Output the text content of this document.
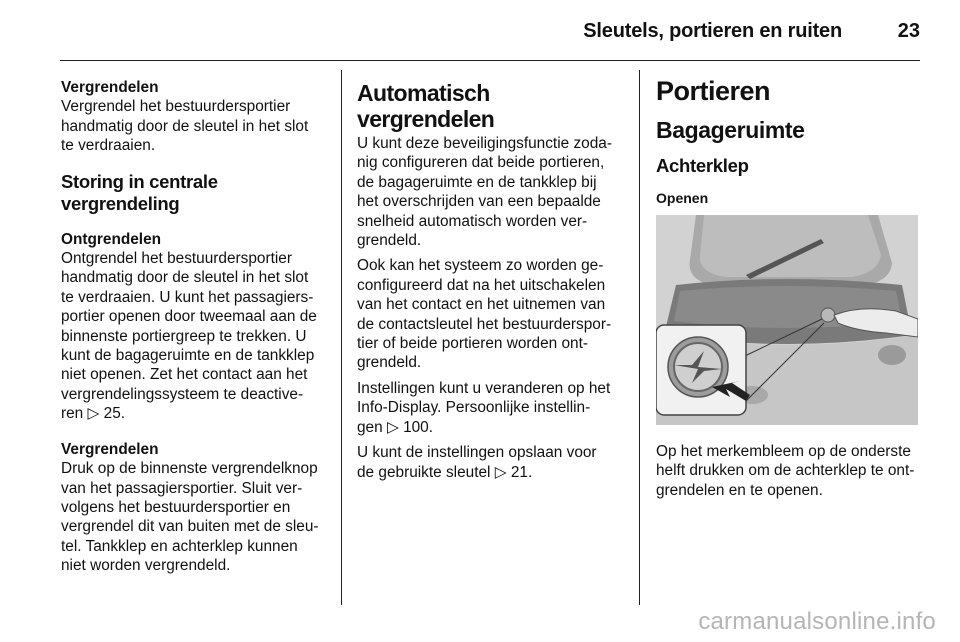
Sleutels, portieren en ruiten	23

Vergrendelen

Vergrendel het bestuurdersportier

handmatig door de sleutel in het slot

te verdraaien.

Storing in centrale

vergrendeling

Ontgrendelen

Ontgrendel het bestuurdersportier

handmatig door de sleutel in het slot

te verdraaien. U kunt het passagiers-

portier openen door tweemaal aan de

binnenste portiergreep te trekken. U

kunt de bagageruimte en de tankklep

niet openen. Zet het contact aan het

vergrendelingssysteem te deactive-

ren ▷ 25.

Vergrendelen

Druk op de binnenste vergrendelknop

van het passagiersportier. Sluit ver-

volgens het bestuurdersportier en

vergrendel dit van buiten met de sleu-

tel. Tankklep en achterklep kunnen

niet worden vergrendeld.

Automatisch vergrendelen

U kunt deze beveiligingsfunctie zoda-

nig configureren dat beide portieren,

de bagageruimte en de tankklep bij

het overschrijden van een bepaalde

snelheid automatisch worden ver-

grendeld.

Ook kan het systeem zo worden ge-

configureerd dat na het uitschakelen

van het contact en het uitnemen van

de contactsleutel het bestuurderspor-

tier of beide portieren worden ont-

grendeld.

Instellingen kunt u veranderen op het

Info-Display. Persoonlijke instellin-

gen ▷ 100.

U kunt de instellingen opslaan voor

de gebruikte sleutel ▷ 21.

Portieren

Bagageruimte

Achterklep

Openen

Op het merkembleem op de onderste

helft drukken om de achterklep te ont-

grendelen en te openen.

carmanualsonline.info
